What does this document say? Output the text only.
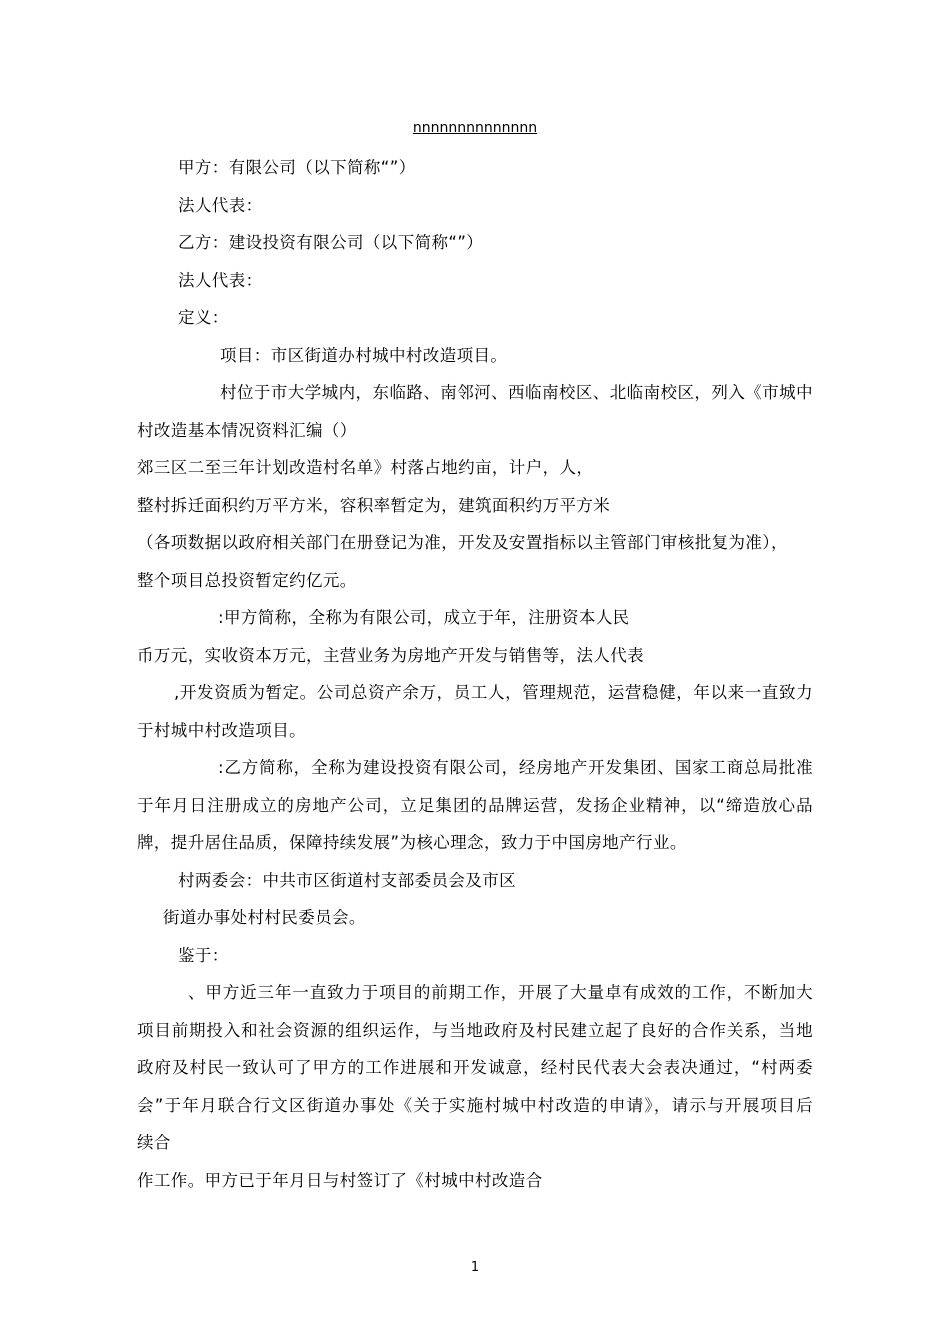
nnnnnnnnnnnnnn
甲方：有限公司（以下简称“”）
法人代表：
乙方：建设投资有限公司（以下简称“”）
法人代表：
定义：
项目：市区街道办村城中村改造项目。
村位于市大学城内，东临路、南邻河、西临南校区、北临南校区，列入《市城中
村改造基本情况资料汇编（）
郊三区二至三年计划改造村名单》村落占地约亩，计户，人，
整村拆迁面积约万平方米，容积率暂定为，建筑面积约万平方米
（各项数据以政府相关部门在册登记为准，开发及安置指标以主管部门审核批复为准），
整个项目总投资暂定约亿元。
:甲方简称，全称为有限公司，成立于年，注册资本人民
币万元，实收资本万元，主营业务为房地产开发与销售等，法人代表
,开发资质为暂定。公司总资产余万，员工人，管理规范，运营稳健，年以来一直致力
于村城中村改造项目。
:乙方简称，全称为建设投资有限公司，经房地产开发集团、国家工商总局批准
于年月日注册成立的房地产公司，立足集团的品牌运营，发扬企业精神，以“缔造放心品
牌，提升居住品质，保障持续发展”为核心理念，致力于中国房地产行业。
村两委会：中共市区街道村支部委员会及市区
街道办事处村村民委员会。
鉴于：
、甲方近三年一直致力于项目的前期工作，开展了大量卓有成效的工作，不断加大
项目前期投入和社会资源的组织运作，与当地政府及村民建立起了良好的合作关系，当地
政府及村民一致认可了甲方的工作进展和开发诚意，经村民代表大会表决通过，“村两委
会”于年月联合行文区街道办事处《关于实施村城中村改造的申请》，请示与开展项目后
续合
作工作。甲方已于年月日与村签订了《村城中村改造合
1
